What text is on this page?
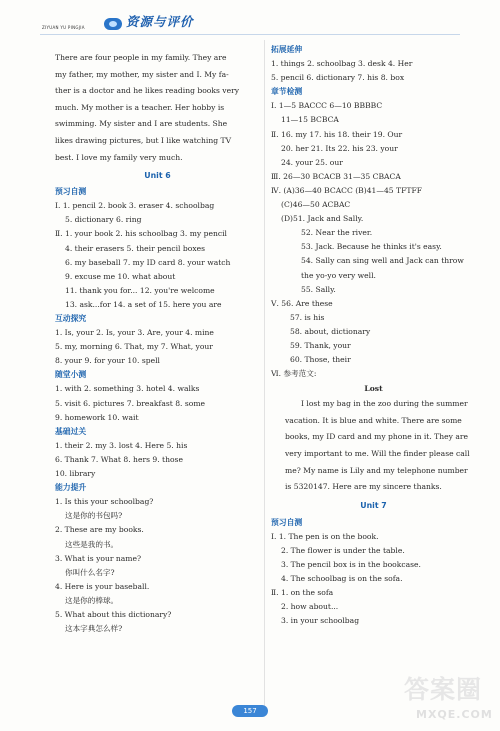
ZIYUAN YU PINGJIA	资源与评价
There are four people in my family. They are
my father, my mother, my sister and I. My fa-
ther is a doctor and he likes reading books very
much. My mother is a teacher. Her hobby is
swimming. My sister and I are students. She
likes drawing pictures, but I like watching TV
best. I love my family very much.
Unit 6
预习自测
Ⅰ. 1. pencil 2. book 3. eraser 4. schoolbag
5. dictionary 6. ring
Ⅱ. 1. your book 2. his schoolbag 3. my pencil
4. their erasers 5. their pencil boxes
6. my baseball 7. my ID card 8. your watch
9. excuse me 10. what about
11. thank you for... 12. you're welcome
13. ask...for 14. a set of 15. here you are
互动探究
1. Is, your 2. Is, your 3. Are, your 4. mine
5. my, morning 6. That, my 7. What, your
8. your 9. for your 10. spell
随堂小测
1. with 2. something 3. hotel 4. walks
5. visit 6. pictures 7. breakfast 8. some
9. homework 10. wait
基础过关
1. their 2. my 3. lost 4. Here 5. his
6. Thank 7. What 8. hers 9. those
10. library
能力提升
1. Is this your schoolbag?
这是你的书包吗?
2. These are my books.
这些是我的书。
3. What is your name?
你叫什么名字?
4. Here is your baseball.
这是你的棒球。
5. What about this dictionary?
这本字典怎么样?
拓展延伸
1. things 2. schoolbag 3. desk 4. Her
5. pencil 6. dictionary 7. his 8. box
章节检测
Ⅰ. 1—5 BACCC 6—10 BBBBC
11—15 BCBCA
Ⅱ. 16. my 17. his 18. their 19. Our
20. her 21. Its 22. his 23. your
24. your 25. our
Ⅲ. 26—30 BCACB 31—35 CBACA
Ⅳ. (A)36—40 BCACC (B)41—45 TFTFF
(C)46—50 ACBAC
(D)51. Jack and Sally.
52. Near the river.
53. Jack. Because he thinks it's easy.
54. Sally can sing well and Jack can throw
the yo-yo very well.
55. Sally.
Ⅴ. 56. Are these
57. is his
58. about, dictionary
59. Thank, your
60. Those, their
Ⅵ. 参考范文:
Lost
I lost my bag in the zoo during the summer
vacation. It is blue and white. There are some
books, my ID card and my phone in it. They are
very important to me. Will the finder please call
me? My name is Lily and my telephone number
is 5320147. Here are my sincere thanks.
Unit 7
预习自测
Ⅰ. 1. The pen is on the book.
2. The flower is under the table.
3. The pencil box is in the bookcase.
4. The schoolbag is on the sofa.
Ⅱ. 1. on the sofa
2. how about...
3. in your schoolbag
157
答案圈
MXQE.COM
